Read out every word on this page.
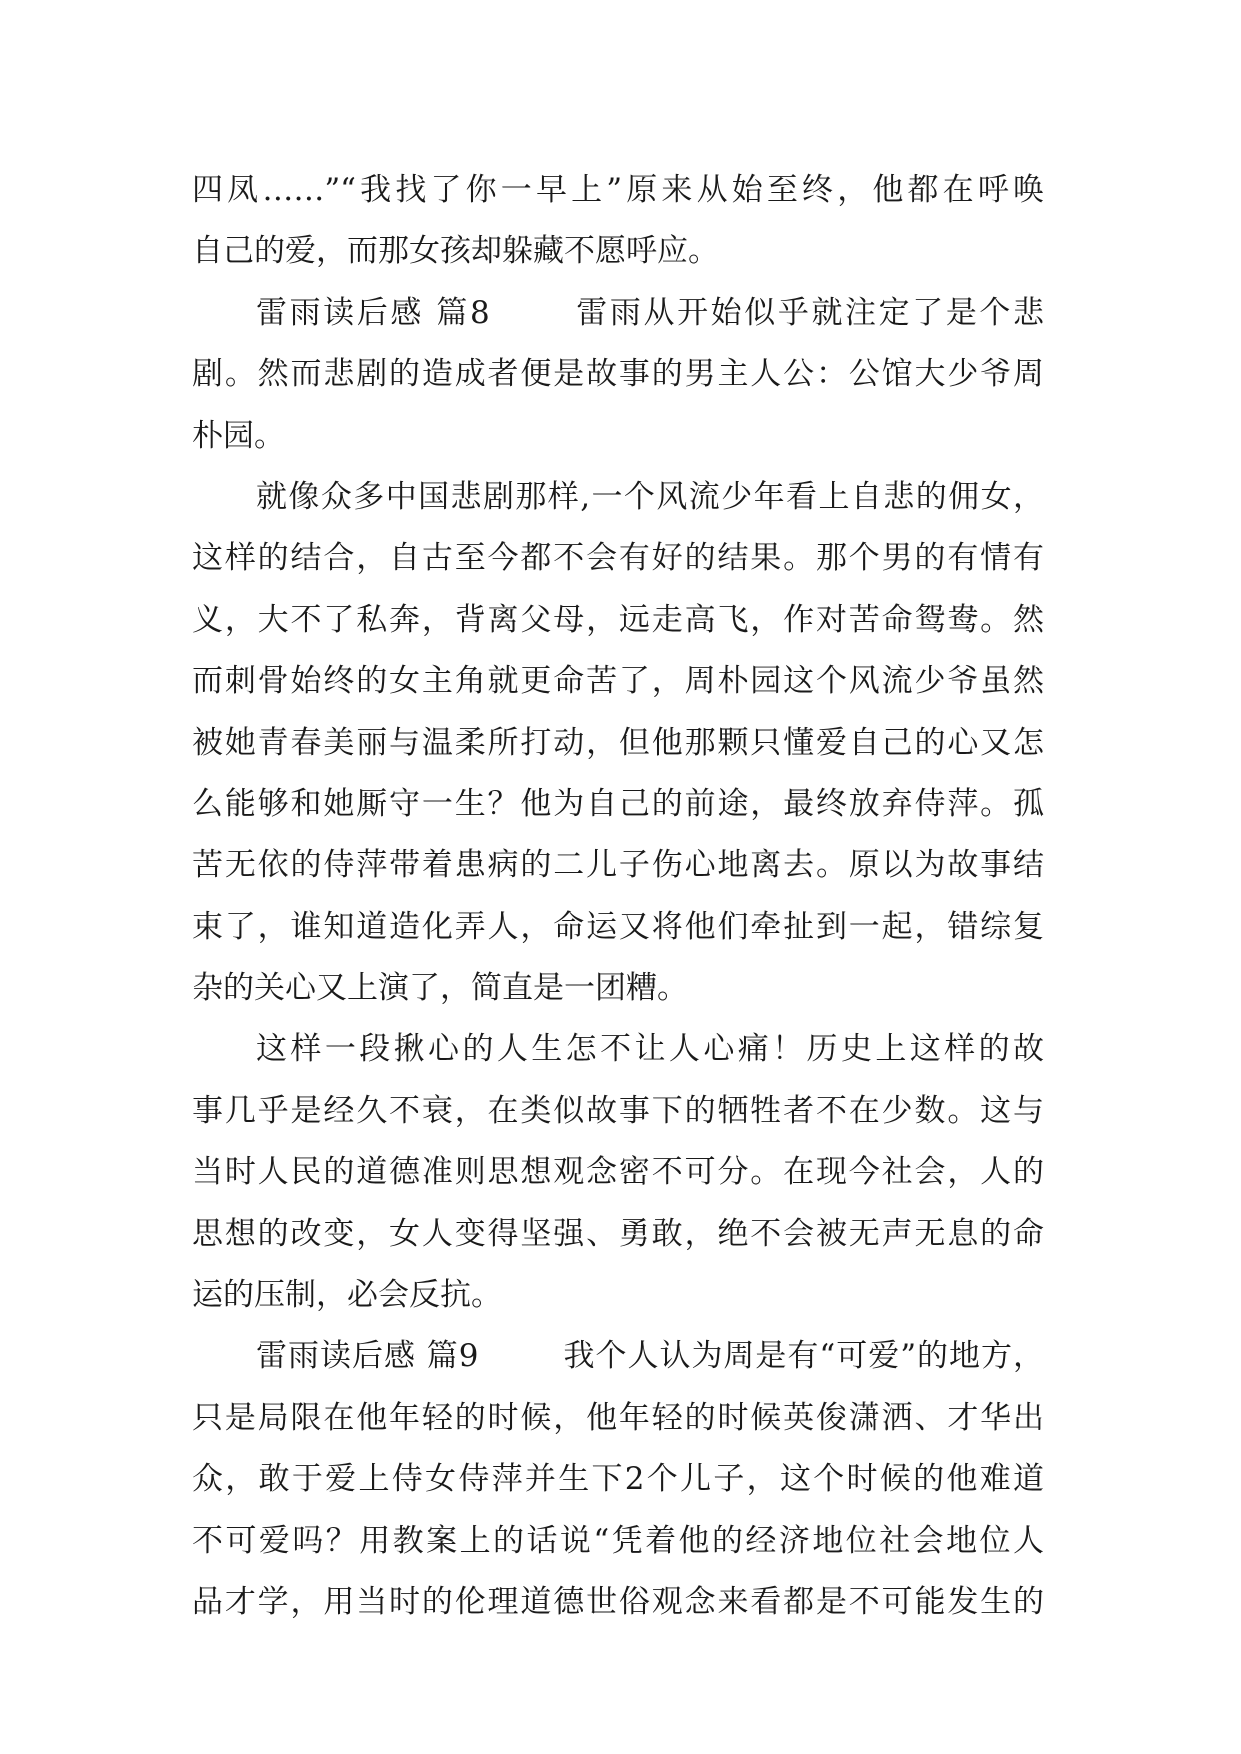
四凤……”“我找了你一早上”原来从始至终，他都在呼唤
自己的爱，而那女孩却躲藏不愿呼应。
雷雨读后感 篇8	雷雨从开始似乎就注定了是个悲
剧。然而悲剧的造成者便是故事的男主人公：公馆大少爷周
朴园。
就像众多中国悲剧那样,一个风流少年看上自悲的佣女，
这样的结合，自古至今都不会有好的结果。那个男的有情有
义，大不了私奔，背离父母，远走高飞，作对苦命鸳鸯。然
而刺骨始终的女主角就更命苦了，周朴园这个风流少爷虽然
被她青春美丽与温柔所打动，但他那颗只懂爱自己的心又怎
么能够和她厮守一生？他为自己的前途，最终放弃侍萍。孤
苦无依的侍萍带着患病的二儿子伤心地离去。原以为故事结
束了，谁知道造化弄人，命运又将他们牵扯到一起，错综复
杂的关心又上演了，简直是一团糟。
这样一段揪心的人生怎不让人心痛！历史上这样的故
事几乎是经久不衰，在类似故事下的牺牲者不在少数。这与
当时人民的道德准则思想观念密不可分。在现今社会，人的
思想的改变，女人变得坚强、勇敢，绝不会被无声无息的命
运的压制，必会反抗。
雷雨读后感 篇9	我个人认为周是有“可爱”的地方，
只是局限在他年轻的时候，他年轻的时候英俊潇洒、才华出
众，敢于爱上侍女侍萍并生下2个儿子，这个时候的他难道
不可爱吗？用教案上的话说“凭着他的经济地位社会地位人
品才学，用当时的伦理道德世俗观念来看都是不可能发生的
